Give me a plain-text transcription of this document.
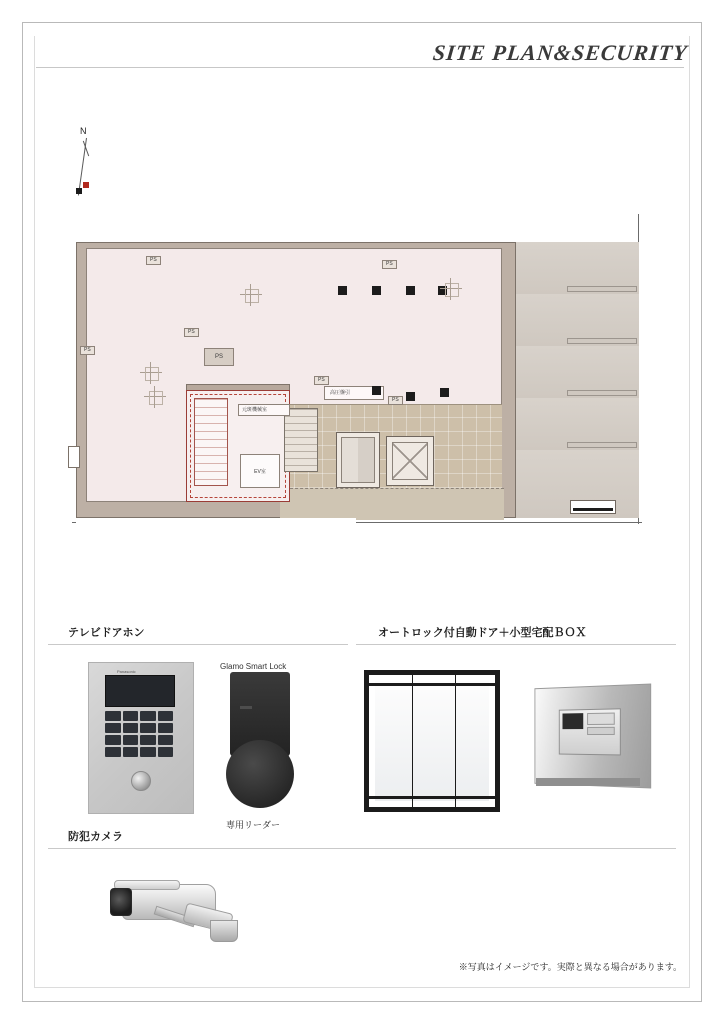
SITE PLAN&SECURITY
N
EV室
高圧盤引
元斑機械室
PS
PS
PS
PS
PS
PS
PS
テレビドアホン	オートロック付自動ドア＋小型宅配ＢＯＸ
Panasonic
Glamo Smart Lock
専用リーダー
防犯カメラ
※写真はイメージです。実際と異なる場合があります。
